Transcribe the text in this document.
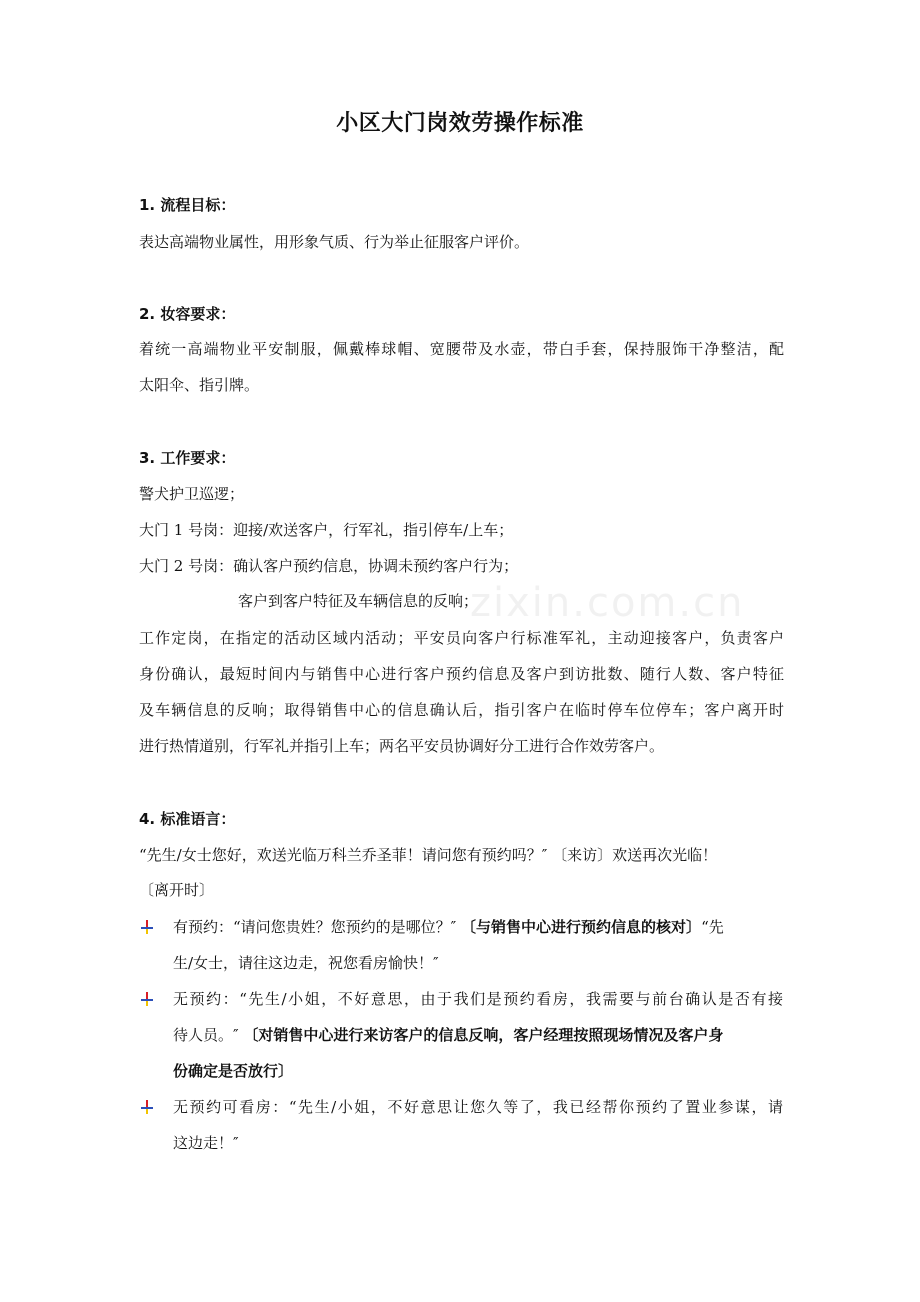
zixin.com.cn
小区大门岗效劳操作标准
1. 流程目标：
表达高端物业属性，用形象气质、行为举止征服客户评价。
2. 妆容要求：
着统一高端物业平安制服，佩戴棒球帽、宽腰带及水壶，带白手套，保持服饰干净整洁，配
太阳伞、指引牌。
3. 工作要求：
警犬护卫巡逻；
大门 1 号岗：迎接/欢送客户，行军礼，指引停车/上车；
大门 2 号岗：确认客户预约信息，协调未预约客户行为；
客户到客户特征及车辆信息的反响；
工作定岗，在指定的活动区域内活动；平安员向客户行标准军礼，主动迎接客户，负责客户
身份确认，最短时间内与销售中心进行客户预约信息及客户到访批数、随行人数、客户特征
及车辆信息的反响；取得销售中心的信息确认后，指引客户在临时停车位停车；客户离开时
进行热情道别，行军礼并指引上车；两名平安员协调好分工进行合作效劳客户。
4. 标准语言：
“先生/女士您好，欢送光临万科兰乔圣菲！请问您有预约吗？″ 〔来访〕欢送再次光临！
〔离开时〕
有预约：“请问您贵姓？您预约的是哪位？″ 〔与销售中心进行预约信息的核对〕“先
生/女士，请往这边走，祝您看房愉快！″
无预约：“先生/小姐，不好意思，由于我们是预约看房，我需要与前台确认是否有接
待人员。″ 〔对销售中心进行来访客户的信息反响，客户经理按照现场情况及客户身
份确定是否放行〕
无预约可看房：“先生/小姐，不好意思让您久等了，我已经帮你预约了置业参谋，请
这边走！″
